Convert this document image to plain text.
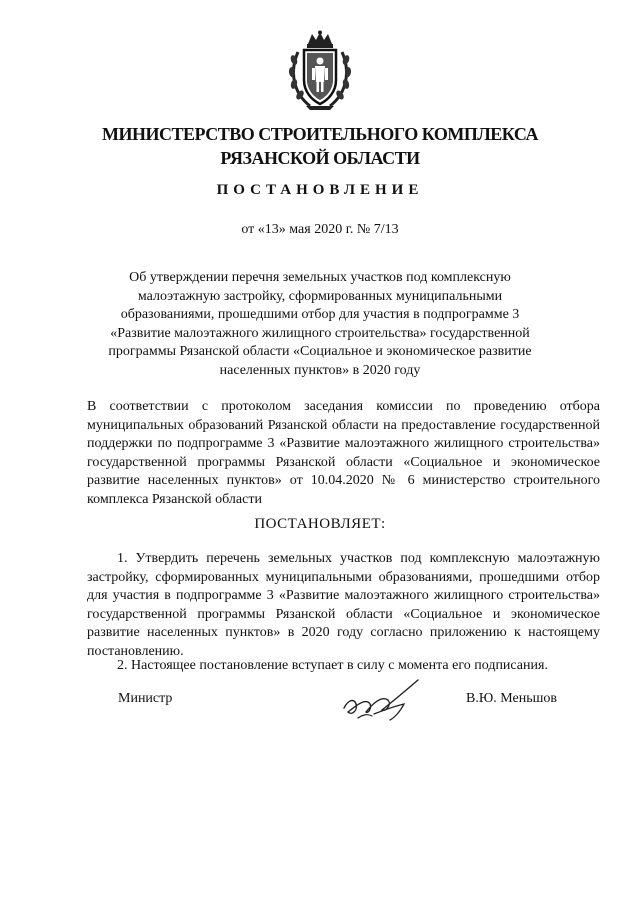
МИНИСТЕРСТВО СТРОИТЕЛЬНОГО КОМПЛЕКСА
РЯЗАНСКОЙ ОБЛАСТИ
ПОСТАНОВЛЕНИЕ
от «13» мая 2020 г. № 7/13
Об утверждении перечня земельных участков под комплексную
малоэтажную застройку, сформированных муниципальными
образованиями, прошедшими отбор для участия в подпрограмме 3
«Развитие малоэтажного жилищного строительства» государственной
программы Рязанской области «Социальное и экономическое развитие
населенных пунктов» в 2020 году
В соответствии с протоколом заседания комиссии по проведению отбора муниципальных образований Рязанской области на предоставление государственной поддержки по подпрограмме 3 «Развитие малоэтажного жилищного строительства» государственной программы Рязанской области «Социальное и экономическое развитие населенных пунктов» от 10.04.2020 № 6 министерство строительного комплекса Рязанской области
ПОСТАНОВЛЯЕТ:
1. Утвердить перечень земельных участков под комплексную малоэтажную застройку, сформированных муниципальными образованиями, прошедшими отбор для участия в подпрограмме 3 «Развитие малоэтажного жилищного строительства» государственной программы Рязанской области «Социальное и экономическое развитие населенных пунктов» в 2020 году согласно приложению к настоящему постановлению.
2. Настоящее постановление вступает в силу с момента его подписания.
Министр	В.Ю. Меньшов
